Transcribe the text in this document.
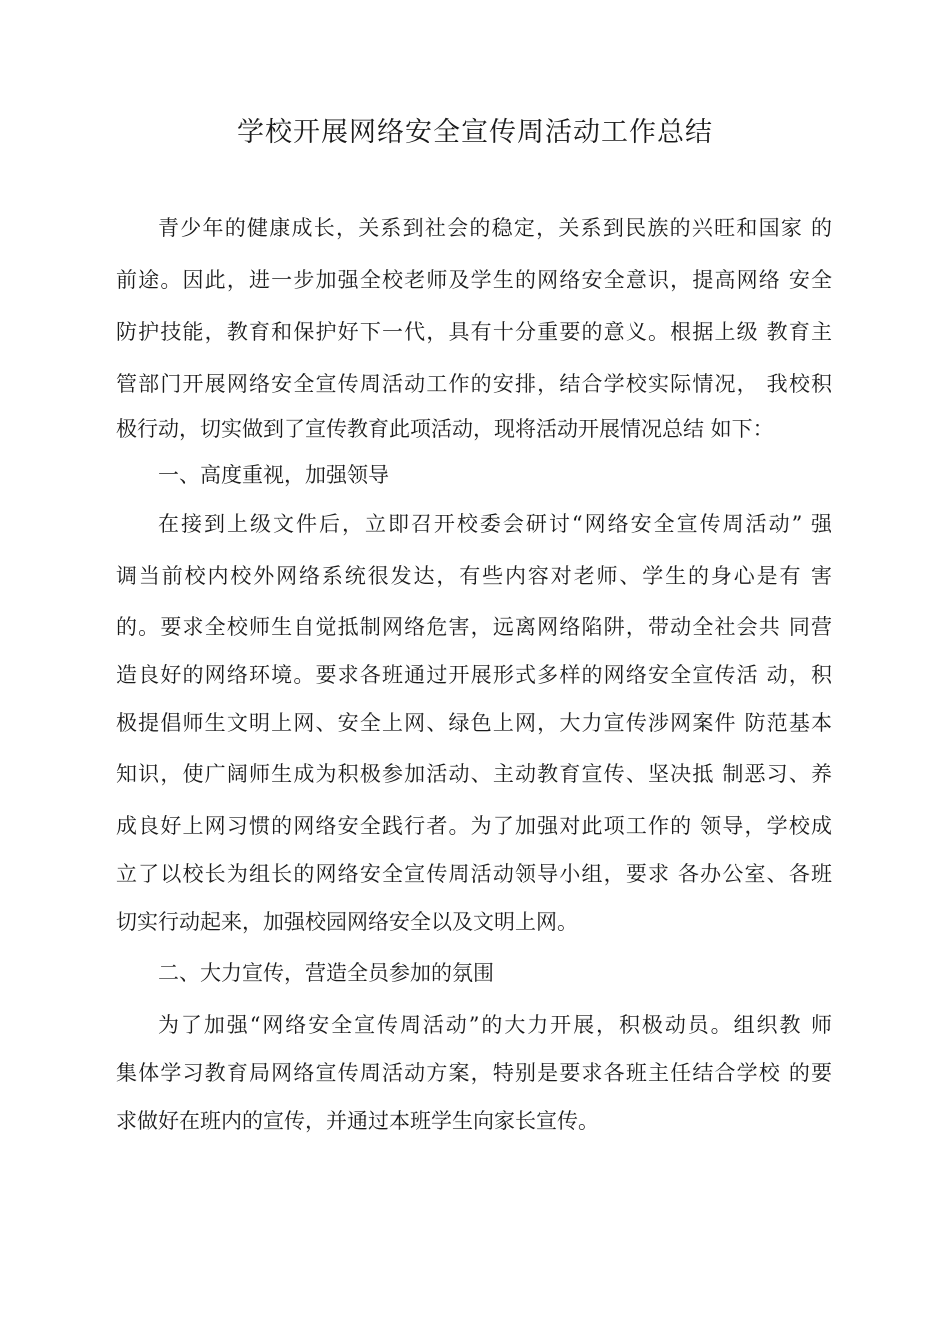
学校开展网络安全宣传周活动工作总结
青少年的健康成长，关系到社会的稳定，关系到民族的兴旺和国家 的
前途。因此，进一步加强全校老师及学生的网络安全意识，提高网络 安全
防护技能，教育和保护好下一代，具有十分重要的意义。根据上级 教育主
管部门开展网络安全宣传周活动工作的安排，结合学校实际情况， 我校积
极行动，切实做到了宣传教育此项活动，现将活动开展情况总结 如下：
一、高度重视，加强领导
在接到上级文件后，立即召开校委会研讨“网络安全宣传周活动” 强
调当前校内校外网络系统很发达，有些内容对老师、学生的身心是有 害
的。要求全校师生自觉抵制网络危害，远离网络陷阱，带动全社会共 同营
造良好的网络环境。要求各班通过开展形式多样的网络安全宣传活 动，积
极提倡师生文明上网、安全上网、绿色上网，大力宣传涉网案件 防范基本
知识，使广阔师生成为积极参加活动、主动教育宣传、坚决抵 制恶习、养
成良好上网习惯的网络安全践行者。为了加强对此项工作的 领导，学校成
立了以校长为组长的网络安全宣传周活动领导小组，要求 各办公室、各班
切实行动起来，加强校园网络安全以及文明上网。
二、大力宣传，营造全员参加的氛围
为了加强“网络安全宣传周活动”的大力开展，积极动员。组织教 师
集体学习教育局网络宣传周活动方案，特别是要求各班主任结合学校 的要
求做好在班内的宣传，并通过本班学生向家长宣传。
